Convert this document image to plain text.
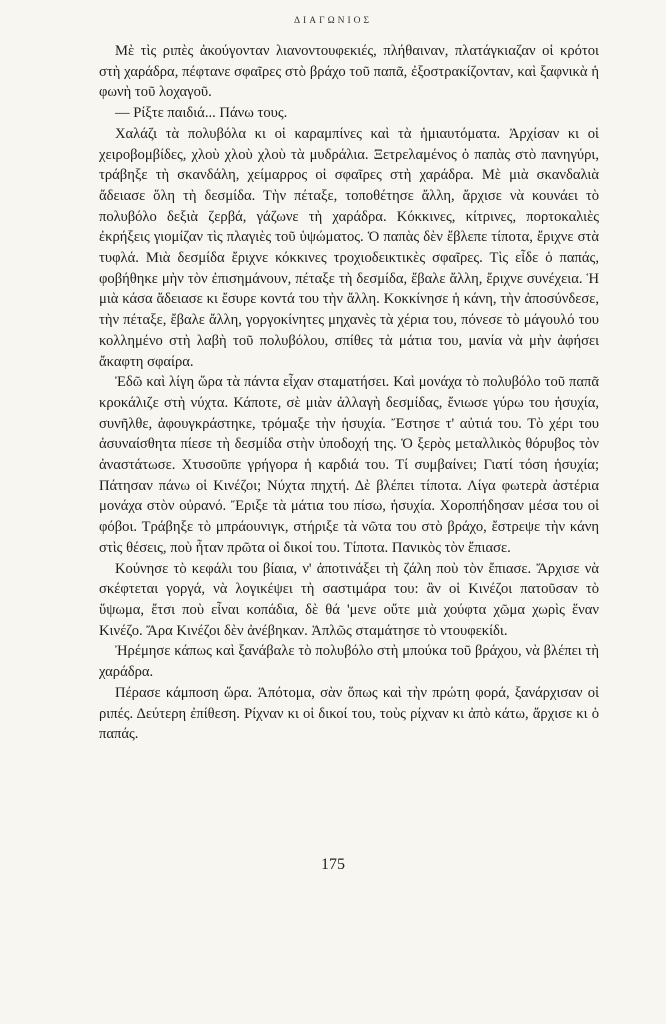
ΔΙΑΓΩΝΙΟΣ

Μὲ τὶς ριπὲς ἀκούγονταν λιανοντουφεκιές, πλήθαιναν, πλατάγκιαζαν οἱ κρότοι στὴ χαράδρα, πέφτανε σφαῖρες στὸ βράχο τοῦ παπᾶ, ἐξοστρακίζονταν, καὶ ξαφνικὰ ἡ φωνὴ τοῦ λοχαγοῦ.

— Ρίξτε παιδιά... Πάνω τους.

Χαλάζι τὰ πολυβόλα κι οἱ καραμπίνες καὶ τὰ ἡμιαυτόματα. Ἀρχίσαν κι οἱ χειροβομβίδες, χλοὺ χλοὺ χλοὺ τὰ μυδράλια. Ξετρελαμένος ὁ παπὰς στὸ πανηγύρι, τράβηξε τὴ σκανδάλη, χείμαρρος οἱ σφαῖρες στὴ χαράδρα. Μὲ μιὰ σκανδαλιὰ ἄδειασε ὅλη τὴ δεσμίδα. Τὴν πέταξε, τοποθέτησε ἄλλη, ἄρχισε νὰ κουνάει τὸ πολυβόλο δεξιὰ ζερβά, γάζωνε τὴ χαράδρα. Κόκκινες, κίτρινες, πορτοκαλιὲς ἐκρήξεις γιομίζαν τὶς πλαγιὲς τοῦ ὑψώματος. Ὁ παπὰς δὲν ἔβλεπε τίποτα, ἔριχνε στὰ τυφλά. Μιὰ δεσμίδα ἔριχνε κόκκινες τροχιοδεικτικὲς σφαῖρες. Τὶς εἶδε ὁ παπάς, φοβήθηκε μὴν τὸν ἐπισημάνουν, πέταξε τὴ δεσμίδα, ἔβαλε ἄλλη, ἔριχνε συνέχεια. Ἡ μιὰ κάσα ἄδειασε κι ἔσυρε κοντά του τὴν ἄλλη. Κοκκίνησε ἡ κάνη, τὴν ἀποσύνδεσε, τὴν πέταξε, ἔβαλε ἄλλη, γοργοκίνητες μηχανὲς τὰ χέρια του, πόνεσε τὸ μάγουλό του κολλημένο στὴ λαβὴ τοῦ πολυβόλου, σπίθες τὰ μάτια του, μανία νὰ μὴν ἀφήσει ἄκαφτη σφαίρα.

Ἐδῶ καὶ λίγη ὥρα τὰ πάντα εἶχαν σταματήσει. Καὶ μονάχα τὸ πολυβόλο τοῦ παπᾶ κροκάλιζε στὴ νύχτα. Κάποτε, σὲ μιὰν ἀλλαγὴ δεσμίδας, ἔνιωσε γύρω του ἡσυχία, συνῆλθε, ἀφουγκράστηκε, τρόμαξε τὴν ἡσυχία. Ἔστησε τ' αὐτιά του. Τὸ χέρι του ἀσυναίσθητα πίεσε τὴ δεσμίδα στὴν ὑποδοχή της. Ὁ ξερὸς μεταλλικὸς θόρυβος τὸν ἀναστάτωσε. Χτυσοῦπε γρήγορα ἡ καρδιά του. Τί συμβαίνει; Γιατί τόση ἡσυχία; Πάτησαν πάνω οἱ Κινέζοι; Νύχτα πηχτή. Δὲ βλέπει τίποτα. Λίγα φωτερὰ ἀστέρια μονάχα στὸν οὐρανό. Ἔριξε τὰ μάτια του πίσω, ἡσυχία. Χοροπήδησαν μέσα του οἱ φόβοι. Τράβηξε τὸ μπράουνιγκ, στήριξε τὰ νῶτα του στὸ βράχο, ἔστρεψε τὴν κάνη στὶς θέσεις, ποὺ ἦταν πρῶτα οἱ δικοί του. Τίποτα. Πανικὸς τὸν ἔπιασε.

Κούνησε τὸ κεφάλι του βίαια, ν' ἀποτινάξει τὴ ζάλη ποὺ τὸν ἔπιασε. Ἄρχισε νὰ σκέφτεται γοργά, νὰ λογικέψει τὴ σαστιμάρα του: ἂν οἱ Κινέζοι πατοῦσαν τὸ ὕψωμα, ἔτσι ποὺ εἶναι κοπάδια, δὲ θά 'μενε οὔτε μιὰ χούφτα χῶμα χωρὶς ἕναν Κινέζο. Ἄρα Κινέζοι δὲν ἀνέβηκαν. Ἁπλῶς σταμάτησε τὸ ντουφεκίδι.

Ἠρέμησε κάπως καὶ ξανάβαλε τὸ πολυβόλο στὴ μπούκα τοῦ βράχου, νὰ βλέπει τὴ χαράδρα.

Πέρασε κάμποση ὥρα. Ἀπότομα, σὰν ὅπως καὶ τὴν πρώτη φορά, ξανάρχισαν οἱ ριπές. Δεύτερη ἐπίθεση. Ρίχναν κι οἱ δικοί του, τοὺς ρίχναν κι ἀπὸ κάτω, ἄρχισε κι ὁ παπάς.

175
